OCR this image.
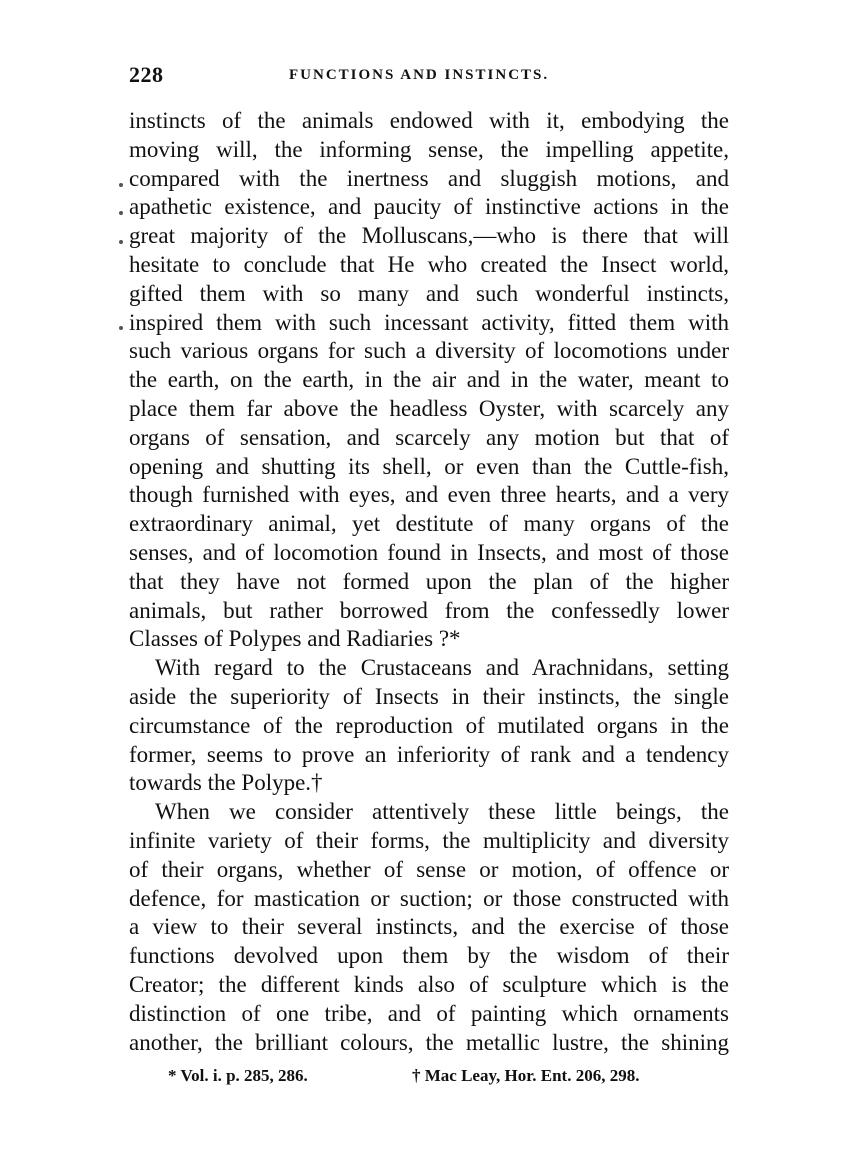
228	FUNCTIONS AND INSTINCTS.
instincts of the animals endowed with it, embodying the
moving will, the informing sense, the impelling appetite,
compared with the inertness and sluggish motions, and
apathetic existence, and paucity of instinctive actions in the
great majority of the Molluscans,—who is there that will
hesitate to conclude that He who created the Insect world,
gifted them with so many and such wonderful instincts,
inspired them with such incessant activity, fitted them with
such various organs for such a diversity of locomotions under
the earth, on the earth, in the air and in the water, meant to
place them far above the headless Oyster, with scarcely any
organs of sensation, and scarcely any motion but that of
opening and shutting its shell, or even than the Cuttle-fish,
though furnished with eyes, and even three hearts, and a very
extraordinary animal, yet destitute of many organs of the
senses, and of locomotion found in Insects, and most of those
that they have not formed upon the plan of the higher
animals, but rather borrowed from the confessedly lower
Classes of Polypes and Radiaries ?*
With regard to the Crustaceans and Arachnidans, setting
aside the superiority of Insects in their instincts, the single
circumstance of the reproduction of mutilated organs in the
former, seems to prove an inferiority of rank and a tendency
towards the Polype.†
When we consider attentively these little beings, the
infinite variety of their forms, the multiplicity and diversity
of their organs, whether of sense or motion, of offence or
defence, for mastication or suction; or those constructed with
a view to their several instincts, and the exercise of those
functions devolved upon them by the wisdom of their
Creator; the different kinds also of sculpture which is the
distinction of one tribe, and of painting which ornaments
another, the brilliant colours, the metallic lustre, the shining
* Vol. i. p. 285, 286.	† Mac Leay, Hor. Ent. 206, 298.
